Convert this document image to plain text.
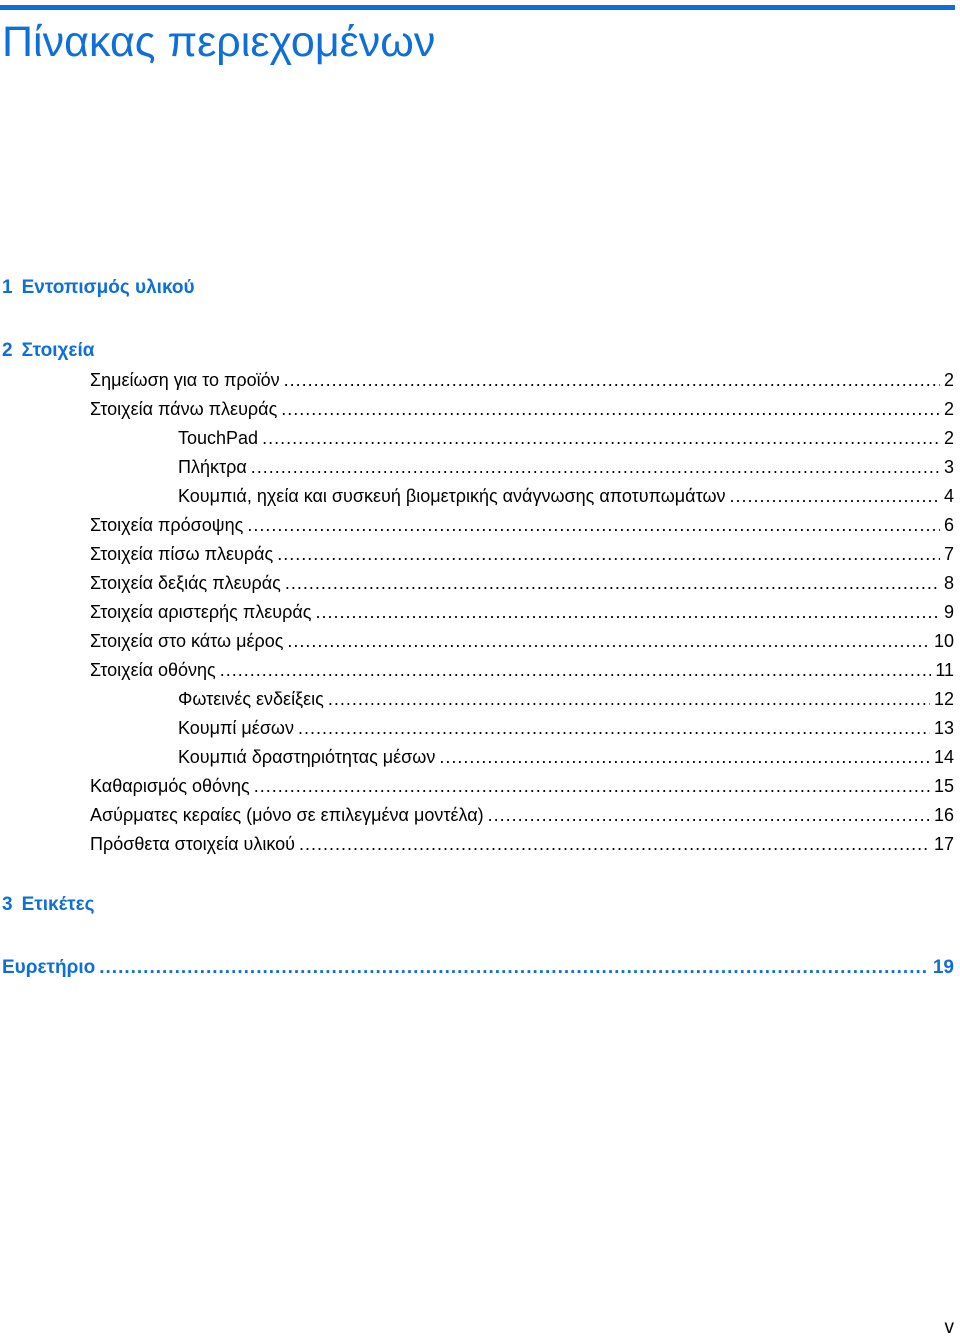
Πίνακας περιεχομένων
1 Εντοπισμός υλικού
2 Στοιχεία
Σημείωση για το προϊόν .....	2
Στοιχεία πάνω πλευράς .....	2
TouchPad .....	2
Πλήκτρα .....	3
Κουμπιά, ηχεία και συσκευή βιομετρικής ανάγνωσης αποτυπωμάτων .....	4
Στοιχεία πρόσοψης .....	6
Στοιχεία πίσω πλευράς .....	7
Στοιχεία δεξιάς πλευράς .....	8
Στοιχεία αριστερής πλευράς .....	9
Στοιχεία στο κάτω μέρος .....	10
Στοιχεία οθόνης .....	11
Φωτεινές ενδείξεις .....	12
Κουμπί μέσων .....	13
Κουμπιά δραστηριότητας μέσων .....	14
Καθαρισμός οθόνης .....	15
Ασύρματες κεραίες (μόνο σε επιλεγμένα μοντέλα) .....	16
Πρόσθετα στοιχεία υλικού .....	17
3 Ετικέτες
Ευρετήριο .....	19
v
